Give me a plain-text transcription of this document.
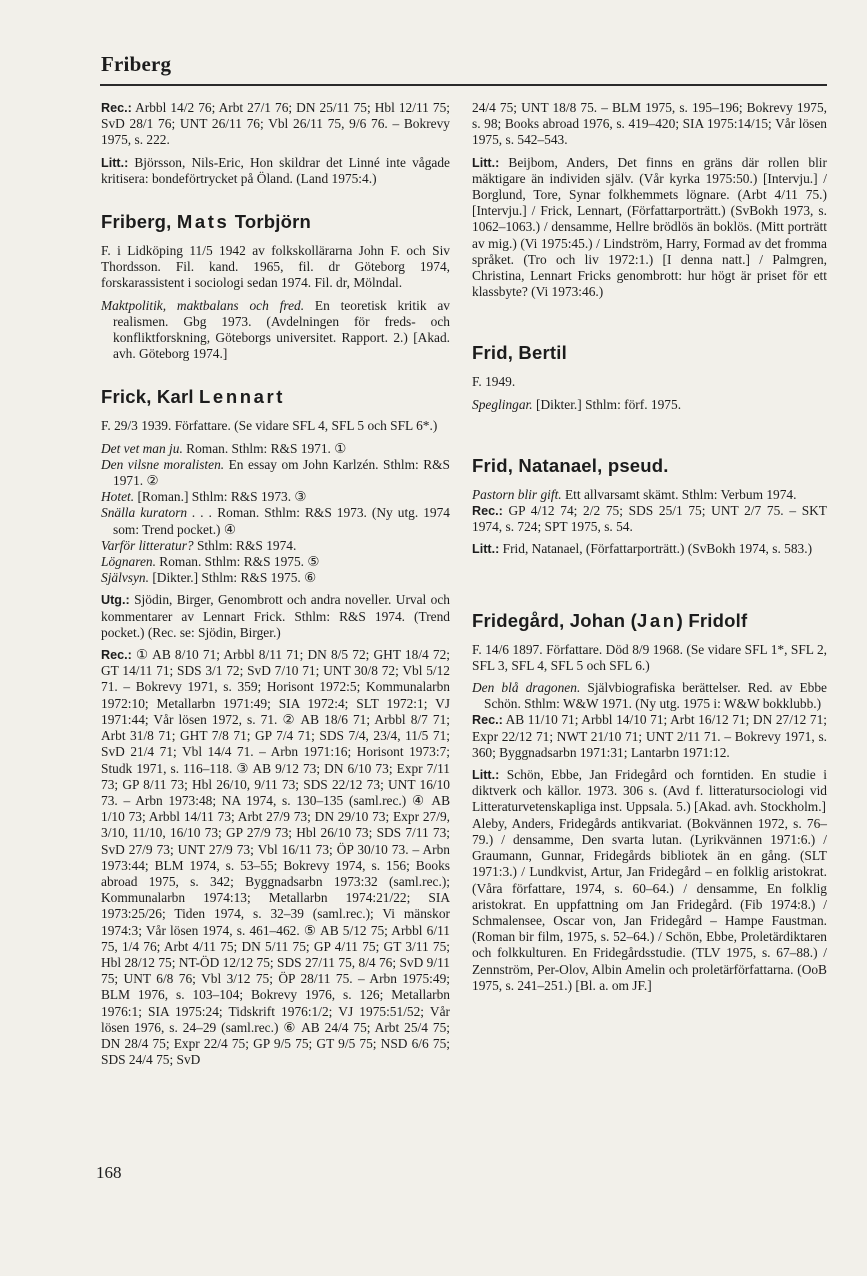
Friberg

Rec.: Arbbl 14/2 76; Arbt 27/1 76; DN 25/11 75; Hbl 12/11 75; SvD 28/1 76; UNT 26/11 76; Vbl 26/11 75, 9/6 76. – Bokrevy 1975, s. 222.

Litt.: Björsson, Nils-Eric, Hon skildrar det Linné inte vågade kritisera: bondeförtrycket på Öland. (Land 1975:4.)

Friberg, Mats Torbjörn

F. i Lidköping 11/5 1942 av folkskollärarna John F. och Siv Thordsson. Fil. kand. 1965, fil. dr Göteborg 1974, forskarassistent i sociologi sedan 1974. Fil. dr, Mölndal.

Maktpolitik, maktbalans och fred. En teoretisk kritik av realismen. Gbg 1973. (Avdelningen för freds- och konfliktforskning, Göteborgs universitet. Rapport. 2.) [Akad. avh. Göteborg 1974.]

Frick, Karl Lennart

F. 29/3 1939. Författare. (Se vidare SFL 4, SFL 5 och SFL 6*.)

Det vet man ju. Roman. Sthlm: R&S 1971. ①

Den vilsne moralisten. En essay om John Karlzén. Sthlm: R&S 1971. ②

Hotet. [Roman.] Sthlm: R&S 1973. ③

Snälla kuratorn . . . Roman. Sthlm: R&S 1973. (Ny utg. 1974 som: Trend pocket.) ④

Varför litteratur? Sthlm: R&S 1974.

Lögnaren. Roman. Sthlm: R&S 1975. ⑤

Självsyn. [Dikter.] Sthlm: R&S 1975. ⑥

Utg.: Sjödin, Birger, Genombrott och andra noveller. Urval och kommentarer av Lennart Frick. Sthlm: R&S 1974. (Trend pocket.) (Rec. se: Sjödin, Birger.)

Rec.: ① AB 8/10 71; Arbbl 8/11 71; DN 8/5 72; GHT 18/4 72; GT 14/11 71; SDS 3/1 72; SvD 7/10 71; UNT 30/8 72; Vbl 5/12 71. – Bokrevy 1971, s. 359; Horisont 1972:5; Kommunalarbn 1972:10; Metallarbn 1971:49; SIA 1972:4; SLT 1972:1; VJ 1971:44; Vår lösen 1972, s. 71. ② AB 18/6 71; Arbbl 8/7 71; Arbt 31/8 71; GHT 7/8 71; GP 7/4 71; SDS 7/4, 23/4, 11/5 71; SvD 21/4 71; Vbl 14/4 71. – Arbn 1971:16; Horisont 1973:7; Studk 1971, s. 116–118. ③ AB 9/12 73; DN 6/10 73; Expr 7/11 73; GP 8/11 73; Hbl 26/10, 9/11 73; SDS 22/12 73; UNT 16/10 73. – Arbn 1973:48; NA 1974, s. 130–135 (saml.rec.) ④ AB 1/10 73; Arbbl 14/11 73; Arbt 27/9 73; DN 29/10 73; Expr 27/9, 3/10, 11/10, 16/10 73; GP 27/9 73; Hbl 26/10 73; SDS 7/11 73; SvD 27/9 73; UNT 27/9 73; Vbl 16/11 73; ÖP 30/10 73. – Arbn 1973:44; BLM 1974, s. 53–55; Bokrevy 1974, s. 156; Books abroad 1975, s. 342; Byggnadsarbn 1973:32 (saml.rec.); Kommunalarbn 1974:13; Metallarbn 1974:21/22; SIA 1973:25/26; Tiden 1974, s. 32–39 (saml.rec.); Vi mänskor 1974:3; Vår lösen 1974, s. 461–462. ⑤ AB 5/12 75; Arbbl 6/11 75, 1/4 76; Arbt 4/11 75; DN 5/11 75; GP 4/11 75; GT 3/11 75; Hbl 28/12 75; NT-ÖD 12/12 75; SDS 27/11 75, 8/4 76; SvD 9/11 75; UNT 6/8 76; Vbl 3/12 75; ÖP 28/11 75. – Arbn 1975:49; BLM 1976, s. 103–104; Bokrevy 1976, s. 126; Metallarbn 1976:1; SIA 1975:24; Tidskrift 1976:1/2; VJ 1975:51/52; Vår lösen 1976, s. 24–29 (saml.rec.) ⑥ AB 24/4 75; Arbt 25/4 75; DN 28/4 75; Expr 22/4 75; GP 9/5 75; GT 9/5 75; NSD 6/6 75; SDS 24/4 75; SvD

24/4 75; UNT 18/8 75. – BLM 1975, s. 195–196; Bokrevy 1975, s. 98; Books abroad 1976, s. 419–420; SIA 1975:14/15; Vår lösen 1975, s. 542–543.

Litt.: Beijbom, Anders, Det finns en gräns där rollen blir mäktigare än individen själv. (Vår kyrka 1975:50.) [Intervju.] / Borglund, Tore, Synar folkhemmets lögnare. (Arbt 4/11 75.) [Intervju.] / Frick, Lennart, (Författarporträtt.) (SvBokh 1973, s. 1062–1063.) / densamme, Hellre brödlös än boklös. (Mitt porträtt av mig.) (Vi 1975:45.) / Lindström, Harry, Formad av det fromma språket. (Tro och liv 1972:1.) [I denna natt.] / Palmgren, Christina, Lennart Fricks genombrott: hur högt är priset för ett klassbyte? (Vi 1973:46.)

Frid, Bertil

F. 1949.

Speglingar. [Dikter.] Sthlm: förf. 1975.

Frid, Natanael, pseud.

Pastorn blir gift. Ett allvarsamt skämt. Sthlm: Verbum 1974.

Rec.: GP 4/12 74; 2/2 75; SDS 25/1 75; UNT 2/7 75. – SKT 1974, s. 724; SPT 1975, s. 54.

Litt.: Frid, Natanael, (Författarporträtt.) (SvBokh 1974, s. 583.)

Fridegård, Johan (Jan) Fridolf

F. 14/6 1897. Författare. Död 8/9 1968. (Se vidare SFL 1*, SFL 2, SFL 3, SFL 4, SFL 5 och SFL 6.)

Den blå dragonen. Självbiografiska berättelser. Red. av Ebbe Schön. Sthlm: W&W 1971. (Ny utg. 1975 i: W&W bokklubb.)

Rec.: AB 11/10 71; Arbbl 14/10 71; Arbt 16/12 71; DN 27/12 71; Expr 22/12 71; NWT 21/10 71; UNT 2/11 71. – Bokrevy 1971, s. 360; Byggnadsarbn 1971:31; Lantarbn 1971:12.

Litt.: Schön, Ebbe, Jan Fridegård och forntiden. En studie i diktverk och källor. 1973. 306 s. (Avd f. litteratursociologi vid Litteraturvetenskapliga inst. Uppsala. 5.) [Akad. avh. Stockholm.]

Aleby, Anders, Fridegårds antikvariat. (Bokvännen 1972, s. 76–79.) / densamme, Den svarta lutan. (Lyrikvännen 1971:6.) / Graumann, Gunnar, Fridegårds bibliotek än en gång. (SLT 1971:3.) / Lundkvist, Artur, Jan Fridegård – en folklig aristokrat. (Våra författare, 1974, s. 60–64.) / densamme, En folklig aristokrat. En uppfattning om Jan Fridegård. (Fib 1974:8.) / Schmalensee, Oscar von, Jan Fridegård – Hampe Faustman. (Roman bir film, 1975, s. 52–64.) / Schön, Ebbe, Proletärdiktaren och folkkulturen. En Fridegårdsstudie. (TLV 1975, s. 67–88.) / Zennström, Per-Olov, Albin Amelin och proletärförfattarna. (OoB 1975, s. 241–251.) [Bl. a. om JF.]

168
